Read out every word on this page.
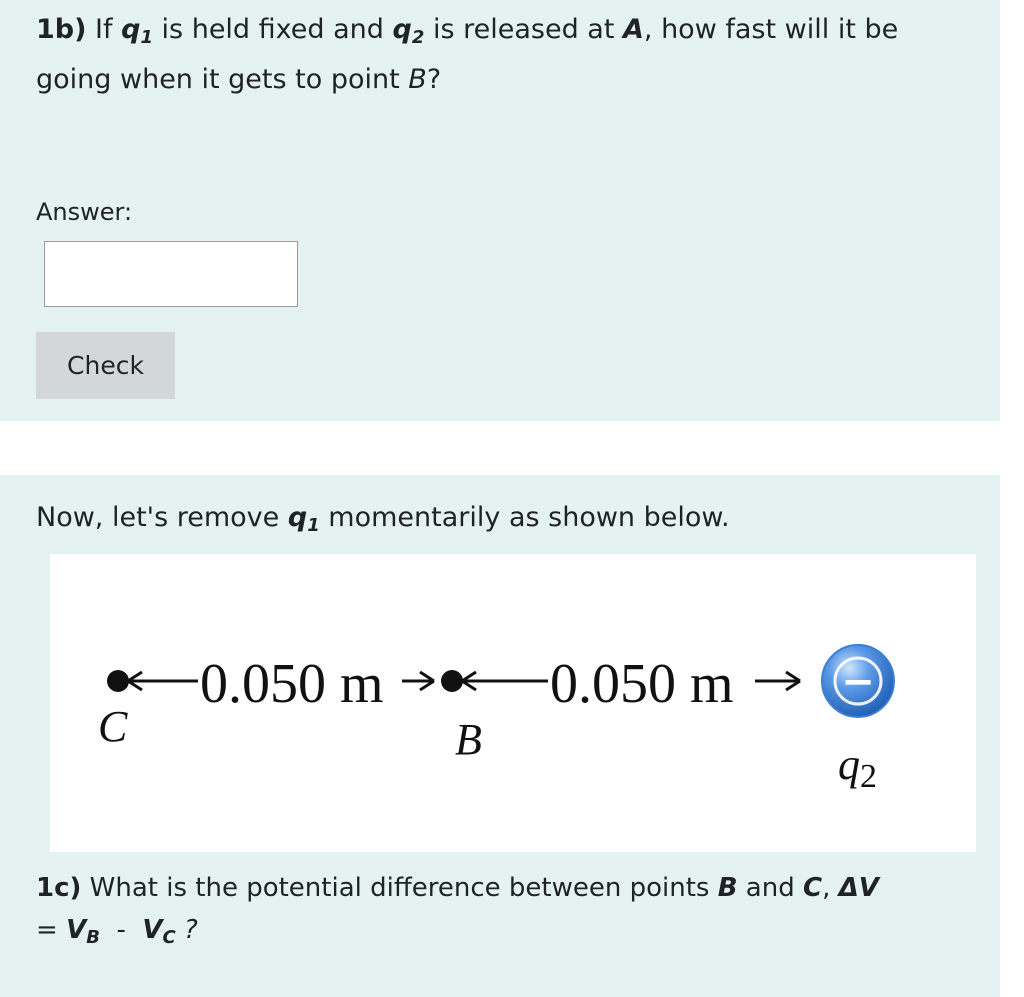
1b) If $q_1$ is held fixed and $q_2$ is released at A, how fast will it be
going when it gets to point B?
Answer:
Check
Now, let's remove $q_1$ momentarily as shown below.
1c) What is the potential difference between points B and C, ΔV
= $V_B - V_C$ ?
0.050 m	0.050 m	−
C	B
q2
